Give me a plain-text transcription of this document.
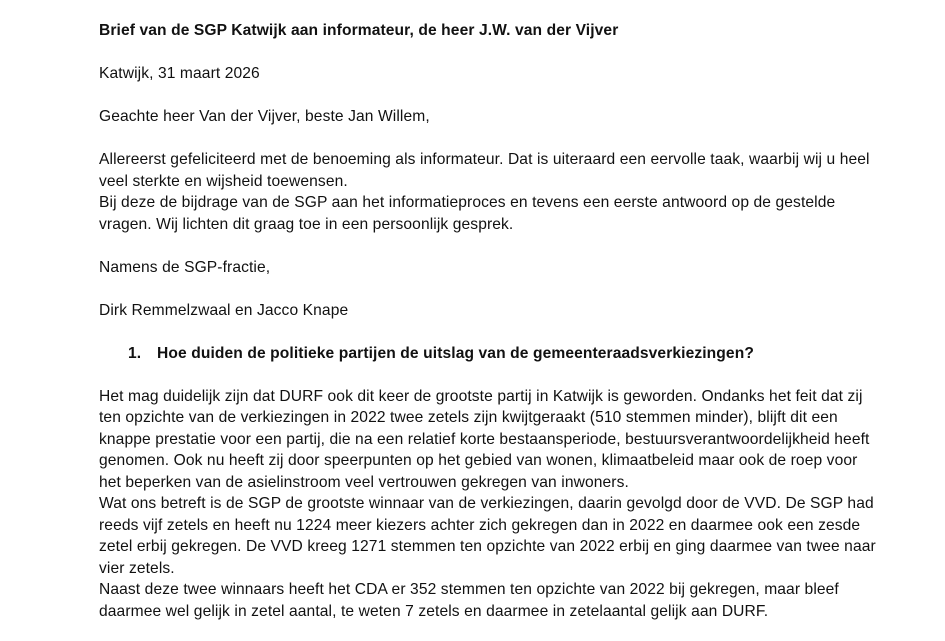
Brief van de SGP Katwijk aan informateur, de heer J.W. van der Vijver

Katwijk, 31 maart 2026

Geachte heer Van der Vijver, beste Jan Willem,

Allereerst gefeliciteerd met de benoeming als informateur. Dat is uiteraard een eervolle taak, waarbij wij u heel veel sterkte en wijsheid toewensen.

Bij deze de bijdrage van de SGP aan het informatieproces en tevens een eerste antwoord op de gestelde vragen. Wij lichten dit graag toe in een persoonlijk gesprek.

Namens de SGP-fractie,

Dirk Remmelzwaal en Jacco Knape

1.	Hoe duiden de politieke partijen de uitslag van de gemeenteraadsverkiezingen?

Het mag duidelijk zijn dat DURF ook dit keer de grootste partij in Katwijk is geworden. Ondanks het feit dat zij ten opzichte van de verkiezingen in 2022 twee zetels zijn kwijtgeraakt (510 stemmen minder), blijft dit een knappe prestatie voor een partij, die na een relatief korte bestaansperiode, bestuursverantwoordelijkheid heeft genomen. Ook nu heeft zij door speerpunten op het gebied van wonen, klimaatbeleid maar ook de roep voor het beperken van de asielinstroom veel vertrouwen gekregen van inwoners.

Wat ons betreft is de SGP de grootste winnaar van de verkiezingen, daarin gevolgd door de VVD. De SGP had reeds vijf zetels en heeft nu 1224 meer kiezers achter zich gekregen dan in 2022 en daarmee ook een zesde zetel erbij gekregen. De VVD kreeg 1271 stemmen ten opzichte van 2022 erbij en ging daarmee van twee naar vier zetels.

Naast deze twee winnaars heeft het CDA er 352 stemmen ten opzichte van 2022 bij gekregen, maar bleef daarmee wel gelijk in zetel aantal, te weten 7 zetels en daarmee in zetelaantal gelijk aan DURF.
